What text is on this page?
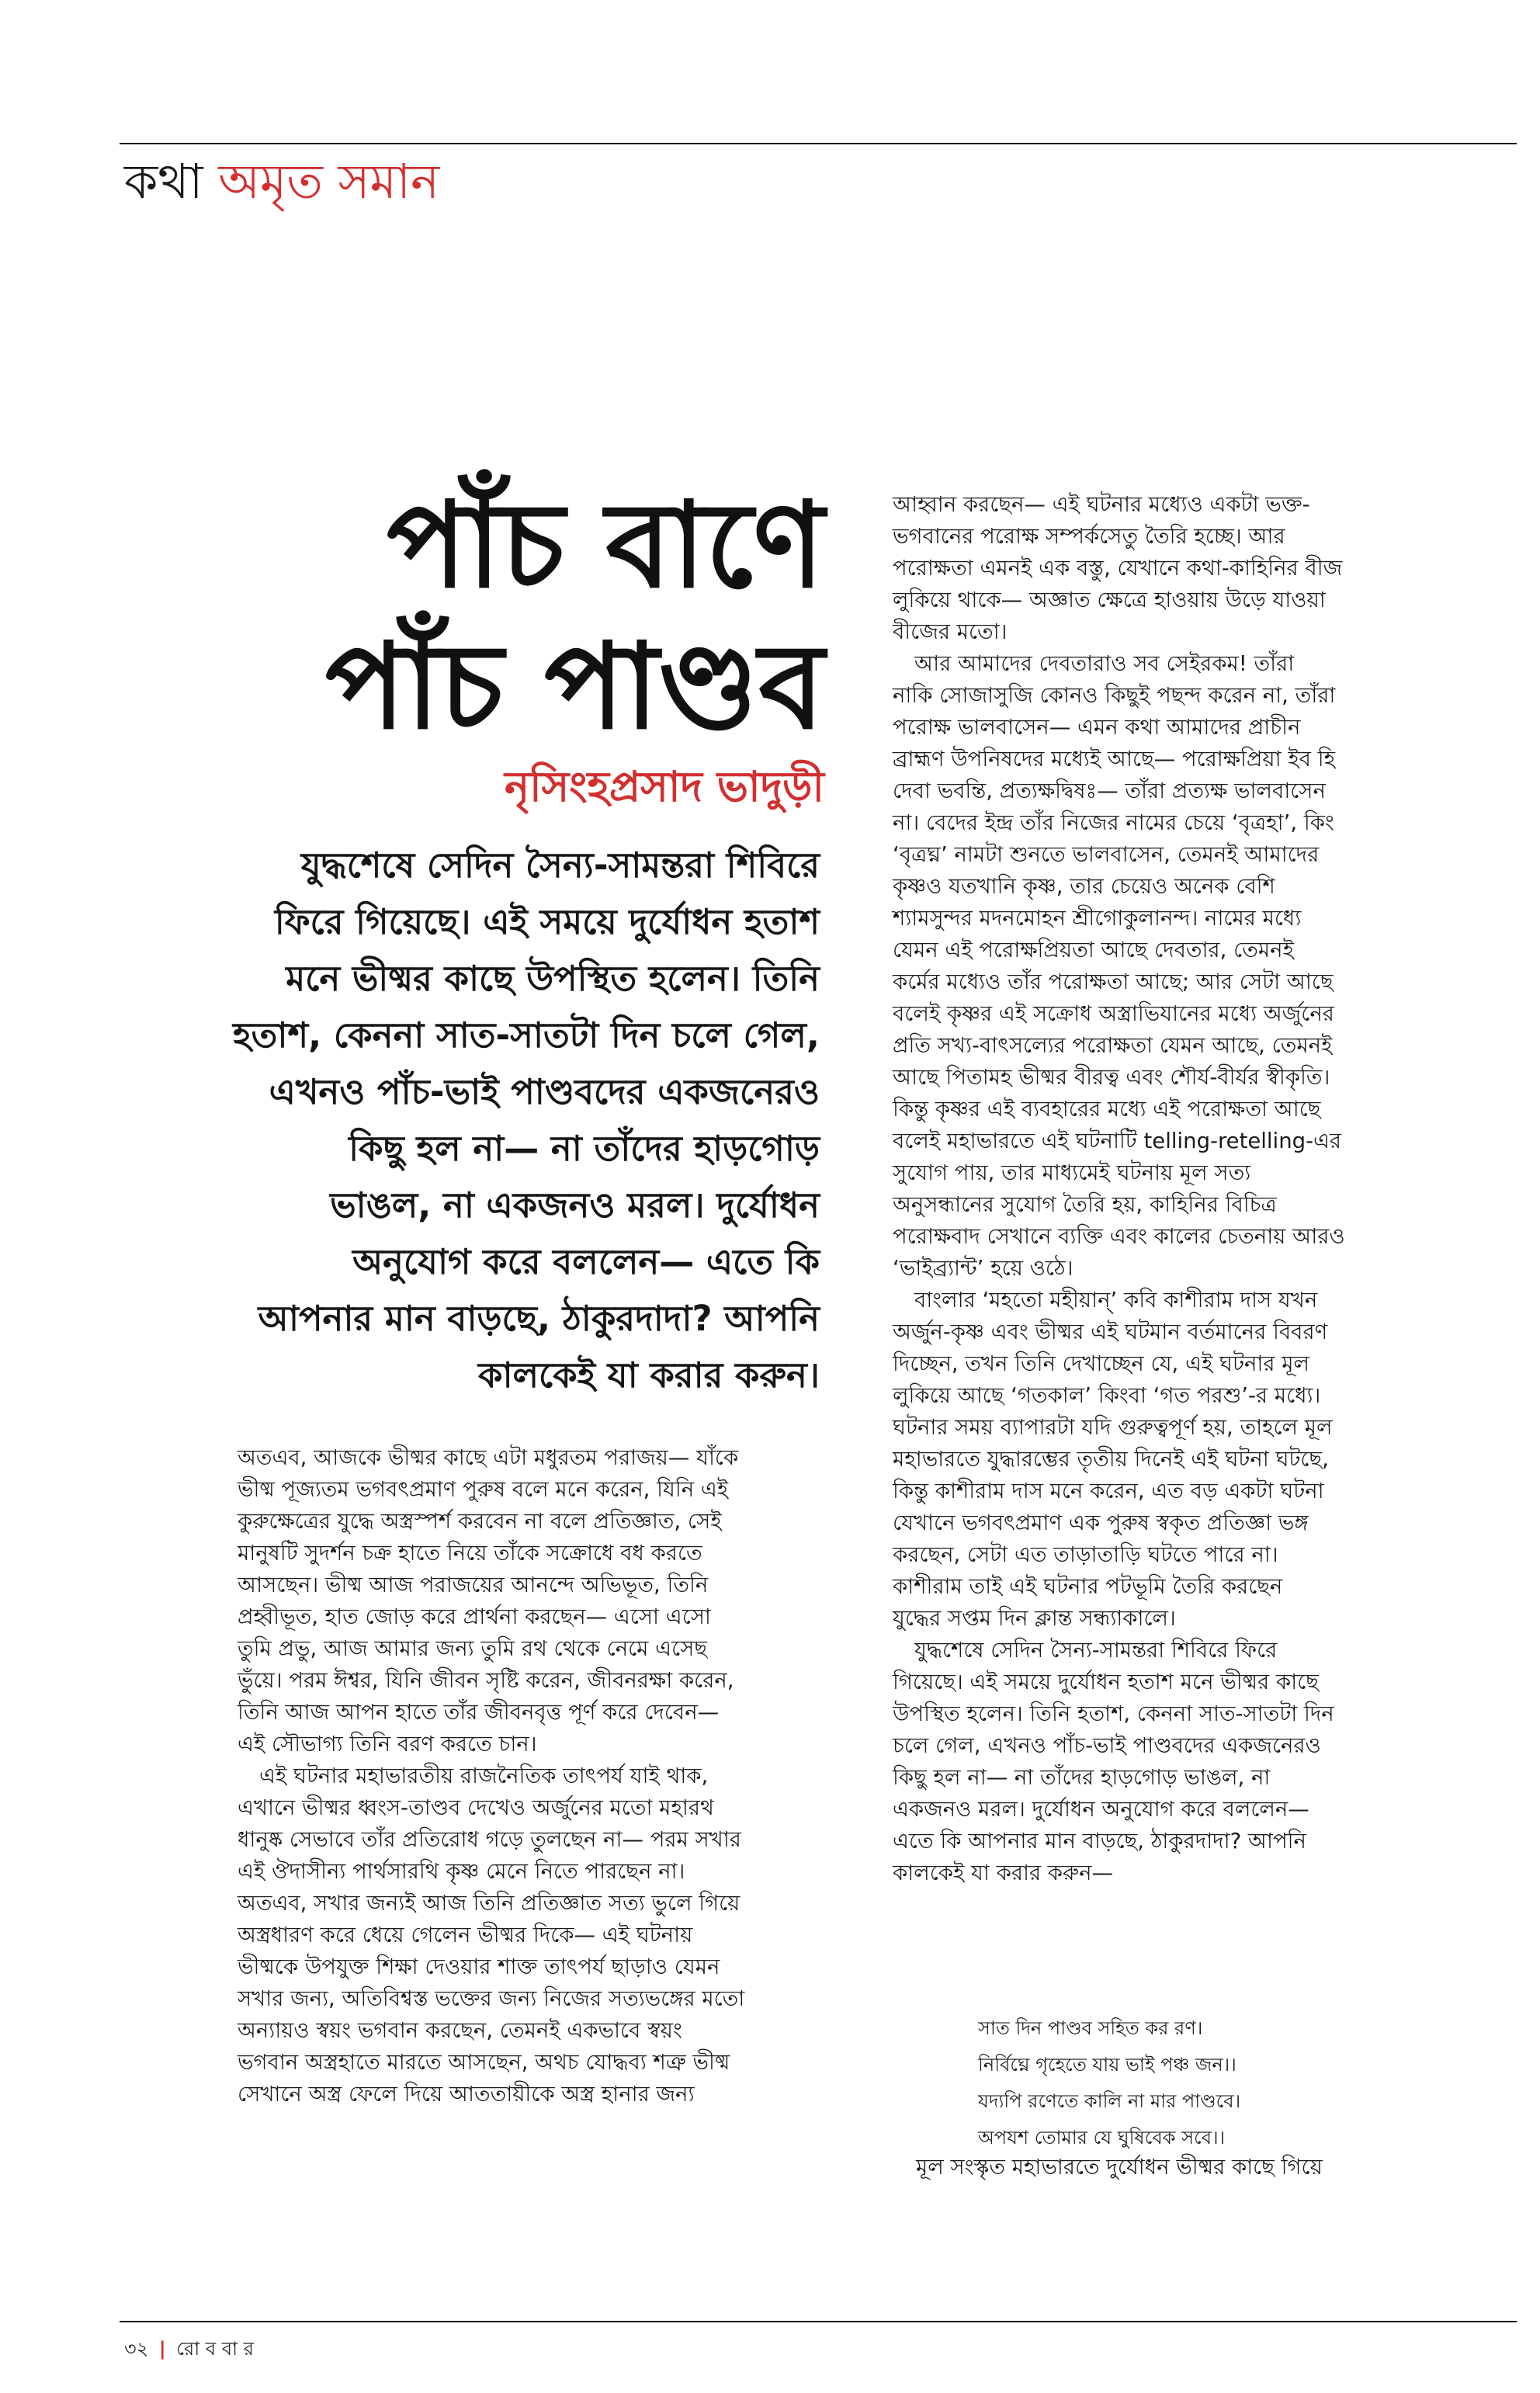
কথা অমৃত সমান
পাঁচ বাণে
পাঁচ পাণ্ডব
নৃসিংহপ্রসাদ ভাদুড়ী
যুদ্ধশেষে সেদিন সৈন্য-সামন্তরা শিবিরে
ফিরে গিয়েছে। এই সময়ে দুর্যোধন হতাশ
মনে ভীষ্মর কাছে উপস্থিত হলেন। তিনি
হতাশ, কেননা সাত-সাতটা দিন চলে গেল,
এখনও পাঁচ-ভাই পাণ্ডবদের একজনেরও
কিছু হল না— না তাঁদের হাড়গোড়
ভাঙল, না একজনও মরল। দুর্যোধন
অনুযোগ করে বললেন— এতে কি
আপনার মান বাড়ছে, ঠাকুরদাদা? আপনি
কালকেই যা করার করুন।
অতএব, আজকে ভীষ্মর কাছে এটা মধুরতম পরাজয়— যাঁকে
ভীষ্ম পূজ্যতম ভগবৎপ্রমাণ পুরুষ বলে মনে করেন, যিনি এই
কুরুক্ষেত্রের যুদ্ধে অস্ত্রস্পর্শ করবেন না বলে প্রতিজ্ঞাত, সেই
মানুষটি সুদর্শন চক্র হাতে নিয়ে তাঁকে সক্রোধে বধ করতে
আসছেন। ভীষ্ম আজ পরাজয়ের আনন্দে অভিভূত, তিনি
প্রহ্বীভূত, হাত জোড় করে প্রার্থনা করছেন— এসো এসো
তুমি প্রভু, আজ আমার জন্য তুমি রথ থেকে নেমে এসেছ
ভুঁয়ে। পরম ঈশ্বর, যিনি জীবন সৃষ্টি করেন, জীবনরক্ষা করেন,
তিনি আজ আপন হাতে তাঁর জীবনবৃত্ত পূর্ণ করে দেবেন—
এই সৌভাগ্য তিনি বরণ করতে চান।
এই ঘটনার মহাভারতীয় রাজনৈতিক তাৎপর্য যাই থাক,
এখানে ভীষ্মর ধ্বংস-তাণ্ডব দেখেও অর্জুনের মতো মহারথ
ধানুষ্ক সেভাবে তাঁর প্রতিরোধ গড়ে তুলছেন না— পরম সখার
এই ঔদাসীন্য পার্থসারথি কৃষ্ণ মেনে নিতে পারছেন না।
অতএব, সখার জন্যই আজ তিনি প্রতিজ্ঞাত সত্য ভুলে গিয়ে
অস্ত্রধারণ করে ধেয়ে গেলেন ভীষ্মর দিকে— এই ঘটনায়
ভীষ্মকে উপযুক্ত শিক্ষা দেওয়ার শাক্ত তাৎপর্য ছাড়াও যেমন
সখার জন্য, অতিবিশ্বস্ত ভক্তের জন্য নিজের সত্যভঙ্গের মতো
অন্যায়ও স্বয়ং ভগবান করছেন, তেমনই একভাবে স্বয়ং
ভগবান অস্ত্রহাতে মারতে আসছেন, অথচ যোদ্ধব্য শত্রু ভীষ্ম
সেখানে অস্ত্র ফেলে দিয়ে আততায়ীকে অস্ত্র হানার জন্য
আহ্বান করছেন— এই ঘটনার মধ্যেও একটা ভক্ত-
ভগবানের পরোক্ষ সম্পর্কসেতু তৈরি হচ্ছে। আর
পরোক্ষতা এমনই এক বস্তু, যেখানে কথা-কাহিনির বীজ
লুকিয়ে থাকে— অজ্ঞাত ক্ষেত্রে হাওয়ায় উড়ে যাওয়া
বীজের মতো।
আর আমাদের দেবতারাও সব সেইরকম! তাঁরা
নাকি সোজাসুজি কোনও কিছুই পছন্দ করেন না, তাঁরা
পরোক্ষ ভালবাসেন— এমন কথা আমাদের প্রাচীন
ব্রাহ্মণ উপনিষদের মধ্যেই আছে— পরোক্ষপ্রিয়া ইব হি
দেবা ভবন্তি, প্রত্যক্ষদ্বিষঃ— তাঁরা প্রত্যক্ষ ভালবাসেন
না। বেদের ইন্দ্র তাঁর নিজের নামের চেয়ে ‘বৃত্রহা’, কিং
‘বৃত্রঘ্ন’ নামটা শুনতে ভালবাসেন, তেমনই আমাদের
কৃষ্ণও যতখানি কৃষ্ণ, তার চেয়েও অনেক বেশি
শ্যামসুন্দর মদনমোহন শ্রীগোকুলানন্দ। নামের মধ্যে
যেমন এই পরোক্ষপ্রিয়তা আছে দেবতার, তেমনই
কর্মের মধ্যেও তাঁর পরোক্ষতা আছে; আর সেটা আছে
বলেই কৃষ্ণর এই সক্রোধ অস্ত্রাভিযানের মধ্যে অর্জুনের
প্রতি সখ্য-বাৎসল্যের পরোক্ষতা যেমন আছে, তেমনই
আছে পিতামহ ভীষ্মর বীরত্ব এবং শৌর্য-বীর্যর স্বীকৃতি।
কিন্তু কৃষ্ণর এই ব্যবহারের মধ্যে এই পরোক্ষতা আছে
বলেই মহাভারতে এই ঘটনাটি telling-retelling-এর
সুযোগ পায়, তার মাধ্যমেই ঘটনায় মূল সত্য
অনুসন্ধানের সুযোগ তৈরি হয়, কাহিনির বিচিত্র
পরোক্ষবাদ সেখানে ব্যক্তি এবং কালের চেতনায় আরও
‘ভাইব্র্যান্ট’ হয়ে ওঠে।
বাংলার ‘মহতো মহীয়ান্’ কবি কাশীরাম দাস যখন
অর্জুন-কৃষ্ণ এবং ভীষ্মর এই ঘটমান বর্তমানের বিবরণ
দিচ্ছেন, তখন তিনি দেখাচ্ছেন যে, এই ঘটনার মূল
লুকিয়ে আছে ‘গতকাল’ কিংবা ‘গত পরশু’-র মধ্যে।
ঘটনার সময় ব্যাপারটা যদি গুরুত্বপূর্ণ হয়, তাহলে মূল
মহাভারতে যুদ্ধারম্ভের তৃতীয় দিনেই এই ঘটনা ঘটছে,
কিন্তু কাশীরাম দাস মনে করেন, এত বড় একটা ঘটনা
যেখানে ভগবৎপ্রমাণ এক পুরুষ স্বকৃত প্রতিজ্ঞা ভঙ্গ
করছেন, সেটা এত তাড়াতাড়ি ঘটতে পারে না।
কাশীরাম তাই এই ঘটনার পটভূমি তৈরি করছেন
যুদ্ধের সপ্তম দিন ক্লান্ত সন্ধ্যাকালে।
যুদ্ধশেষে সেদিন সৈন্য-সামন্তরা শিবিরে ফিরে
গিয়েছে। এই সময়ে দুর্যোধন হতাশ মনে ভীষ্মর কাছে
উপস্থিত হলেন। তিনি হতাশ, কেননা সাত-সাতটা দিন
চলে গেল, এখনও পাঁচ-ভাই পাণ্ডবদের একজনেরও
কিছু হল না— না তাঁদের হাড়গোড় ভাঙল, না
একজনও মরল। দুর্যোধন অনুযোগ করে বললেন—
এতে কি আপনার মান বাড়ছে, ঠাকুরদাদা? আপনি
কালকেই যা করার করুন—
সাত দিন পাণ্ডব সহিত কর রণ।
নির্বিঘ্নে গৃহেতে যায় ভাই পঞ্চ জন।।
যদ্যপি রণেতে কালি না মার পাণ্ডবে।
অপযশ তোমার যে ঘুষিবেক সবে।।
মূল সংস্কৃত মহাভারতে দুর্যোধন ভীষ্মর কাছে গিয়ে
৩২ | রো ব বা র
